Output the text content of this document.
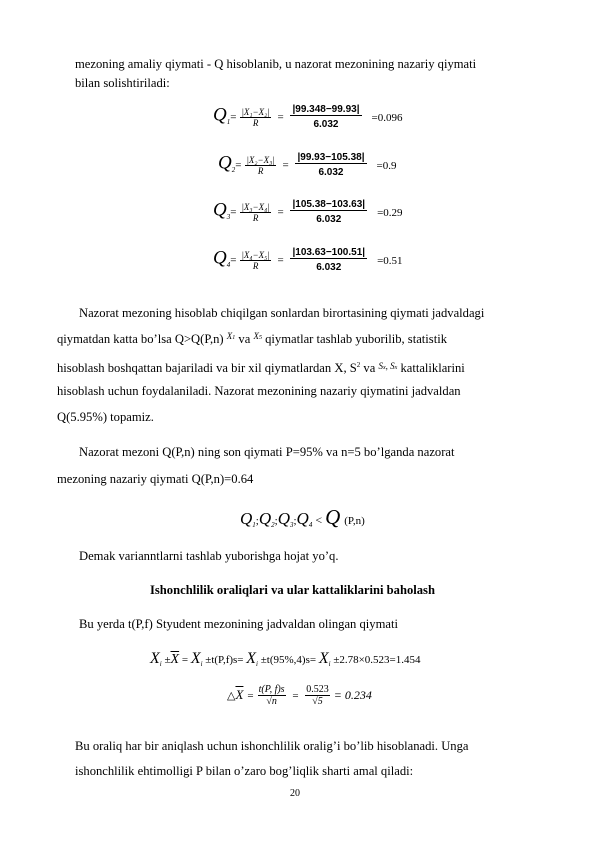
mezoning amaliy qiymati - Q hisoblanib, u nazorat mezonining nazariy qiymati
bilan solishtiriladi:
$Q1= \frac{\text{|X₁−X₂|}}{R} = \frac{|99.348-99.93|}{6.032} =0.096$
$Q2= \frac{\text{|X₂−X₃|}}{R} = \frac{|99.93-105.38|}{6.032} =0.9$
$Q3= \frac{\text{|X₃−X₄|}}{R} = \frac{|105.38-103.63|}{6.032} =0.29$
$Q4= \frac{\text{|X₄−X₅|}}{R} = \frac{|103.63-100.51|}{6.032} =0.51$
Nazorat mezoning hisoblab chiqilgan sonlardan birortasining qiymati jadvaldagi
qiymatdan katta bo’lsa Q>Q(P,n) $^{X1}$ va $^{X5}$ qiymatlar tashlab yuborilib, statistik
hisoblash boshqattan bajariladi va bir xil qiymatlardan X, $S^2$ va $^{Sx, Sx}$ kattaliklarini
hisoblash uchun foydalaniladi. Nazorat mezonining nazariy qiymatini jadvaldan
Q(5.95%) topamiz.
Nazorat mezoni Q(P,n) ning son qiymati P=95% va n=5 bo’lganda nazorat
mezoning nazariy qiymati Q(P,n)=0.64
Q1;Q2;Q3;Q4 < Q (P,n)
Demak varianntlarni tashlab yuborishga hojat yo’q.
Ishonchlilik oraliqlari va ular kattaliklarini baholash
Bu yerda t(P,f) Styudent mezonining jadvaldan olingan qiymati
$X_i \pm\overline{X} = X_i \pm t(P,f)s= X_i \pm t(95\%,4)s= X_i \pm 2.78\times 0.523=1.454$
$\triangle\overline{X} = \frac{t(P, f)s}{√n} = \frac{0.523}{√5} = 0.234$
Bu oraliq har bir aniqlash uchun ishonchlilik oralig’i bo’lib hisoblanadi. Unga
ishonchlilik ehtimolligi P bilan o’zaro bog’liqlik sharti amal qiladi:
20
